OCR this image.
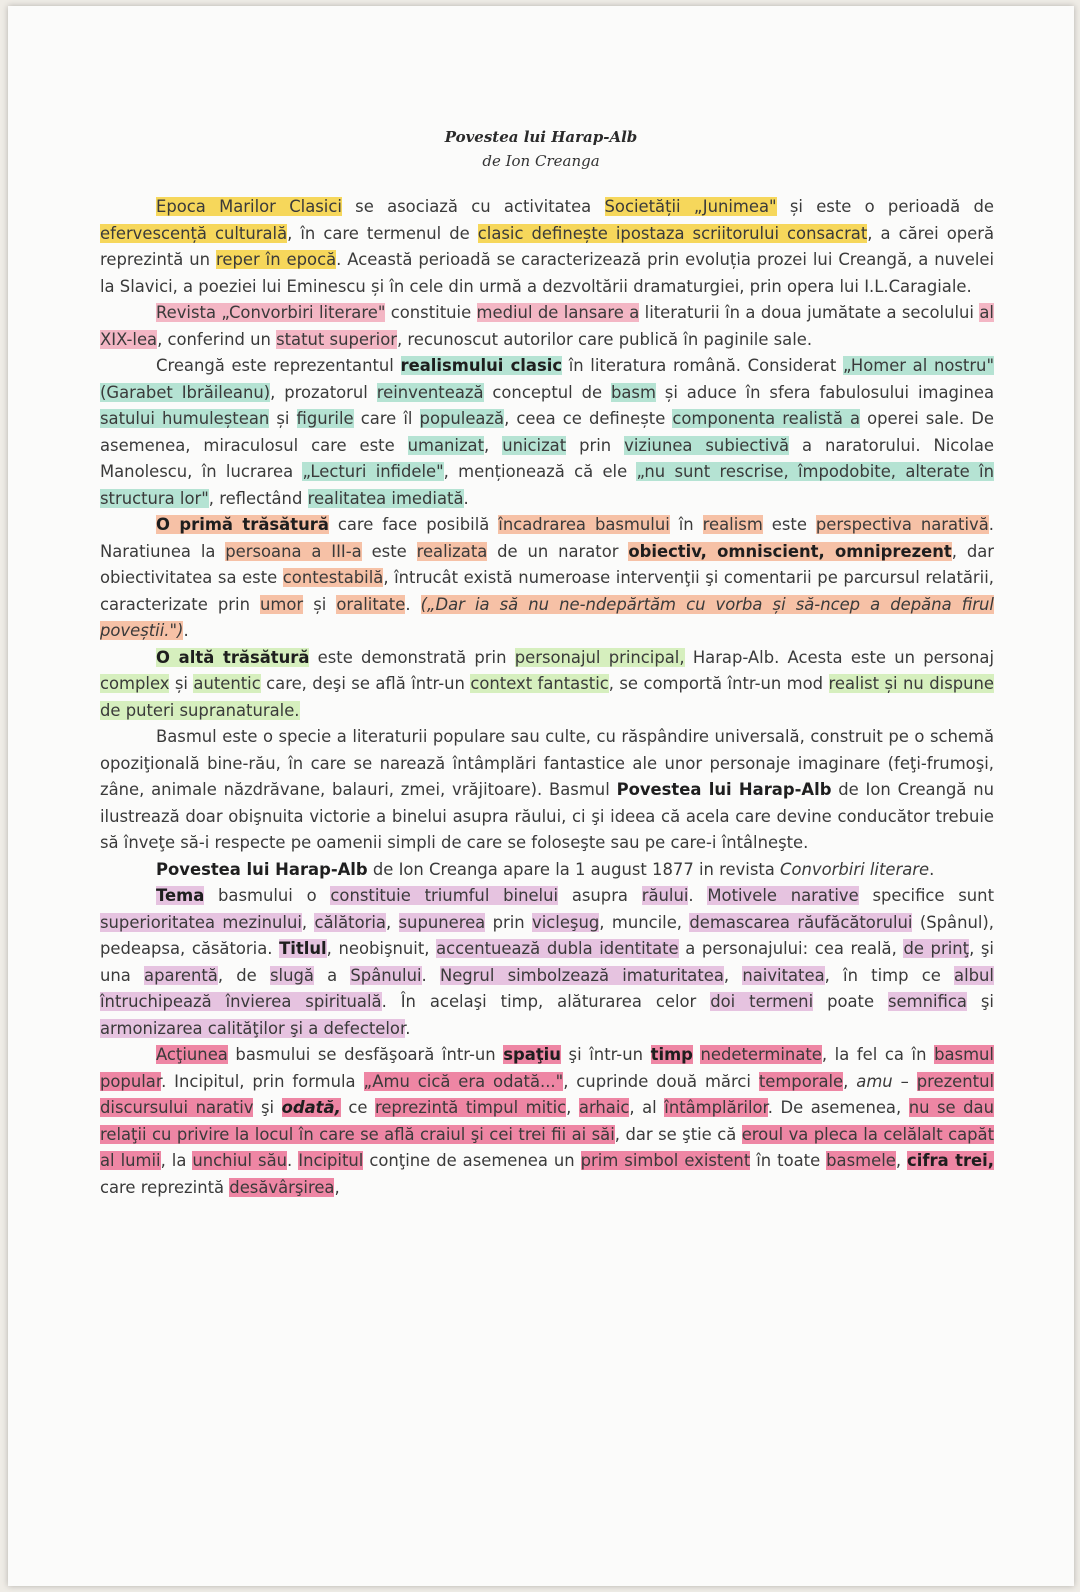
Povestea lui Harap-Alb
de Ion Creanga

Epoca Marilor Clasici se asociază cu activitatea Societății „Junimea" și este o perioadă de efervescență culturală, în care termenul de clasic definește ipostaza scriitorului consacrat, a cărei operă reprezintă un reper în epocă. Această perioadă se caracterizează prin evoluția prozei lui Creangă, a nuvelei la Slavici, a poeziei lui Eminescu și în cele din urmă a dezvoltării dramaturgiei, prin opera lui I.L.Caragiale.

Revista „Convorbiri literare" constituie mediul de lansare a literaturii în a doua jumătate a secolului al XIX-lea, conferind un statut superior, recunoscut autorilor care publică în paginile sale.

Creangă este reprezentantul realismului clasic în literatura română. Considerat „Homer al nostru" (Garabet Ibrăileanu), prozatorul reinventează conceptul de basm și aduce în sfera fabulosului imaginea satului humuleștean și figurile care îl populează, ceea ce definește componenta realistă a operei sale. De asemenea, miraculosul care este umanizat, unicizat prin viziunea subiectivă a naratorului. Nicolae Manolescu, în lucrarea „Lecturi infidele", menționează că ele „nu sunt rescrise, împodobite, alterate în structura lor", reflectând realitatea imediată.

O primă trăsătură care face posibilă încadrarea basmului în realism este perspectiva narativă. Naratiunea la persoana a III-a este realizata de un narator obiectiv, omniscient, omniprezent, dar obiectivitatea sa este contestabilă, întrucât există numeroase intervenţii şi comentarii pe parcursul relatării, caracterizate prin umor și oralitate. („Dar ia să nu ne-ndepărtăm cu vorba și să-ncep a depăna firul poveștii.").

O altă trăsătură este demonstrată prin personajul principal, Harap-Alb. Acesta este un personaj complex și autentic care, deşi se află într-un context fantastic, se comportă într-un mod realist și nu dispune de puteri supranaturale.

Basmul este o specie a literaturii populare sau culte, cu răspândire universală, construit pe o schemă opoziţională bine-rău, în care se narează întâmplări fantastice ale unor personaje imaginare (feţi-frumoşi, zâne, animale năzdrăvane, balauri, zmei, vrăjitoare). Basmul Povestea lui Harap-Alb de Ion Creangă nu ilustrează doar obişnuita victorie a binelui asupra răului, ci şi ideea că acela care devine conducător trebuie să înveţe să-i respecte pe oamenii simpli de care se foloseşte sau pe care-i întâlneşte.

Povestea lui Harap-Alb de Ion Creanga apare la 1 august 1877 in revista Convorbiri literare.

Tema basmului o constituie triumful binelui asupra răului. Motivele narative specifice sunt superioritatea mezinului, călătoria, supunerea prin vicleşug, muncile, demascarea răufăcătorului (Spânul), pedeapsa, căsătoria. Titlul, neobişnuit, accentuează dubla identitate a personajului: cea reală, de prinţ, şi una aparentă, de slugă a Spânului. Negrul simbolzează imaturitatea, naivitatea, în timp ce albul întruchipează învierea spirituală. În acelaşi timp, alăturarea celor doi termeni poate semnifica şi armonizarea calităţilor şi a defectelor.

Acţiunea basmului se desfăşoară într-un spaţiu şi într-un timp nedeterminate, la fel ca în basmul popular. Incipitul, prin formula „Amu cică era odată...", cuprinde două mărci temporale, amu – prezentul discursului narativ şi odată, ce reprezintă timpul mitic, arhaic, al întâmplărilor. De asemenea, nu se dau relaţii cu privire la locul în care se află craiul şi cei trei fii ai săi, dar se ştie că eroul va pleca la celălalt capăt al lumii, la unchiul său. Incipitul conţine de asemenea un prim simbol existent în toate basmele, cifra trei, care reprezintă desăvârşirea,
